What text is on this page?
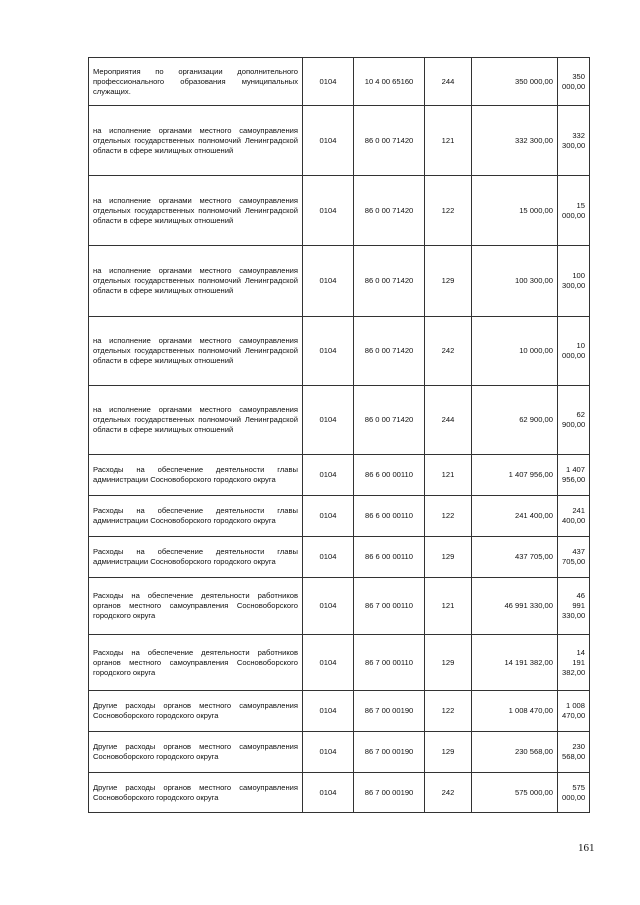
Мероприятия по организации дополнительного профессионального образования муниципальных служащих.	0104	10 4 00 65160	244	350 000,00	350 000,00
на исполнение органами местного самоуправления отдельных государственных полномочий Ленинградской области в сфере жилищных отношений	0104	86 0 00 71420	121	332 300,00	332 300,00
на исполнение органами местного самоуправления отдельных государственных полномочий Ленинградской области в сфере жилищных отношений	0104	86 0 00 71420	122	15 000,00	15 000,00
на исполнение органами местного самоуправления отдельных государственных полномочий Ленинградской области в сфере жилищных отношений	0104	86 0 00 71420	129	100 300,00	100 300,00
на исполнение органами местного самоуправления отдельных государственных полномочий Ленинградской области в сфере жилищных отношений	0104	86 0 00 71420	242	10 000,00	10 000,00
на исполнение органами местного самоуправления отдельных государственных полномочий Ленинградской области в сфере жилищных отношений	0104	86 0 00 71420	244	62 900,00	62 900,00
Расходы на обеспечение деятельности главы администрации Сосновоборского городского округа	0104	86 6 00 00110	121	1 407 956,00	1 407 956,00
Расходы на обеспечение деятельности главы администрации Сосновоборского городского округа	0104	86 6 00 00110	122	241 400,00	241 400,00
Расходы на обеспечение деятельности главы администрации Сосновоборского городского округа	0104	86 6 00 00110	129	437 705,00	437 705,00
Расходы на обеспечение деятельности работников органов местного самоуправления Сосновоборского городского округа	0104	86 7 00 00110	121	46 991 330,00	46 991 330,00
Расходы на обеспечение деятельности работников органов местного самоуправления Сосновоборского городского округа	0104	86 7 00 00110	129	14 191 382,00	14 191 382,00
Другие расходы органов местного самоуправления Сосновоборского городского округа	0104	86 7 00 00190	122	1 008 470,00	1 008 470,00
Другие расходы органов местного самоуправления Сосновоборского городского округа	0104	86 7 00 00190	129	230 568,00	230 568,00
Другие расходы органов местного самоуправления Сосновоборского городского округа	0104	86 7 00 00190	242	575 000,00	575 000,00
161
